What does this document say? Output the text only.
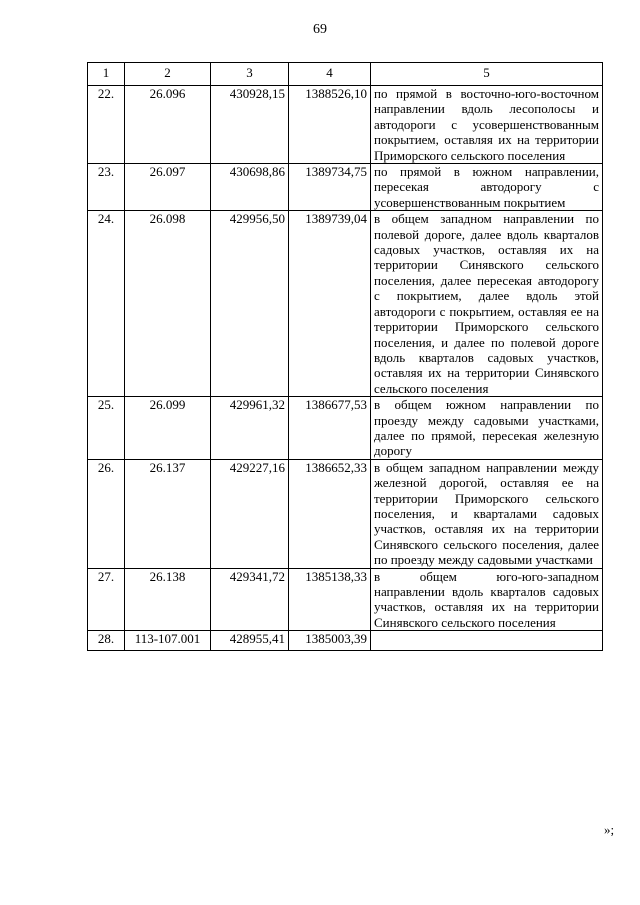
69
1	2	3	4	5
22.	26.096	430928,15	1388526,10	по прямой в восточно-юго-восточном направлении вдоль лесополосы и автодороги с усовершенствованным покрытием, оставляя их на территории Приморского сельского поселения
23.	26.097	430698,86	1389734,75	по прямой в южном направлении, пересекая автодорогу с усовершенствованным покрытием
24.	26.098	429956,50	1389739,04	в общем западном направлении по полевой дороге, далее вдоль кварталов садовых участков, оставляя их на территории Синявского сельского поселения, далее пересекая автодорогу с покрытием, далее вдоль этой автодороги с покрытием, оставляя ее на территории Приморского сельского поселения, и далее по полевой дороге вдоль кварталов садовых участков, оставляя их на территории Синявского сельского поселения
25.	26.099	429961,32	1386677,53	в общем южном направлении по проезду между садовыми участками, далее по прямой, пересекая железную дорогу
26.	26.137	429227,16	1386652,33	в общем западном направлении между железной дорогой, оставляя ее на территории Приморского сельского поселения, и кварталами садовых участков, оставляя их на территории Синявского сельского поселения, далее по проезду между садовыми участками
27.	26.138	429341,72	1385138,33	в общем юго-юго-западном направлении вдоль кварталов садовых участков, оставляя их на территории Синявского сельского поселения
28.	113-107.001	428955,41	1385003,39	
»;
